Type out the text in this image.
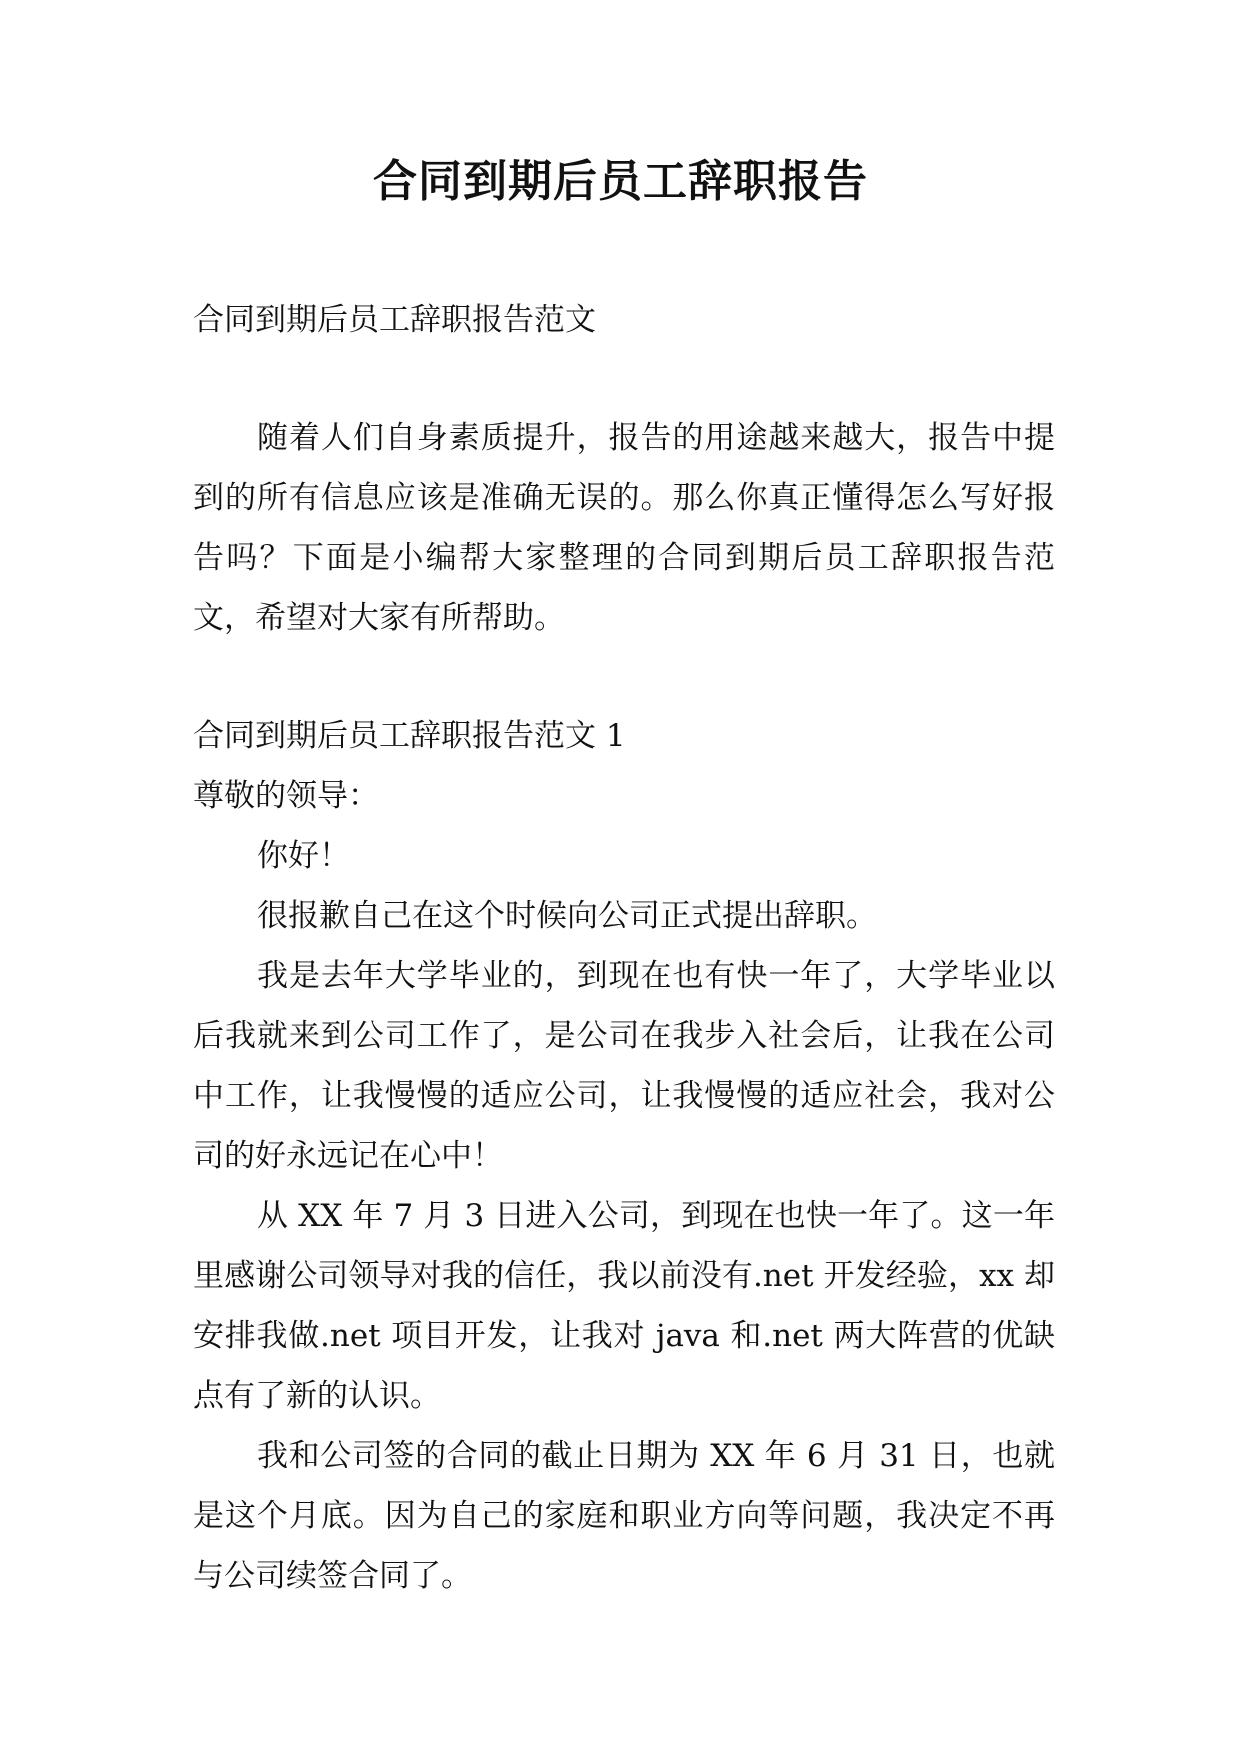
合同到期后员工辞职报告

合同到期后员工辞职报告范文

随着人们自身素质提升，报告的用途越来越大，报告中提到的所有信息应该是准确无误的。那么你真正懂得怎么写好报告吗？下面是小编帮大家整理的合同到期后员工辞职报告范文，希望对大家有所帮助。

合同到期后员工辞职报告范文 1

尊敬的领导：

你好！

很报歉自己在这个时候向公司正式提出辞职。

我是去年大学毕业的，到现在也有快一年了，大学毕业以后我就来到公司工作了，是公司在我步入社会后，让我在公司中工作，让我慢慢的适应公司，让我慢慢的适应社会，我对公司的好永远记在心中！

从 XX 年 7 月 3 日进入公司，到现在也快一年了。这一年里感谢公司领导对我的信任，我以前没有.net 开发经验，xx 却安排我做.net 项目开发，让我对 java 和.net 两大阵营的优缺点有了新的认识。

我和公司签的合同的截止日期为 XX 年 6 月 31 日，也就是这个月底。因为自己的家庭和职业方向等问题，我决定不再与公司续签合同了。
